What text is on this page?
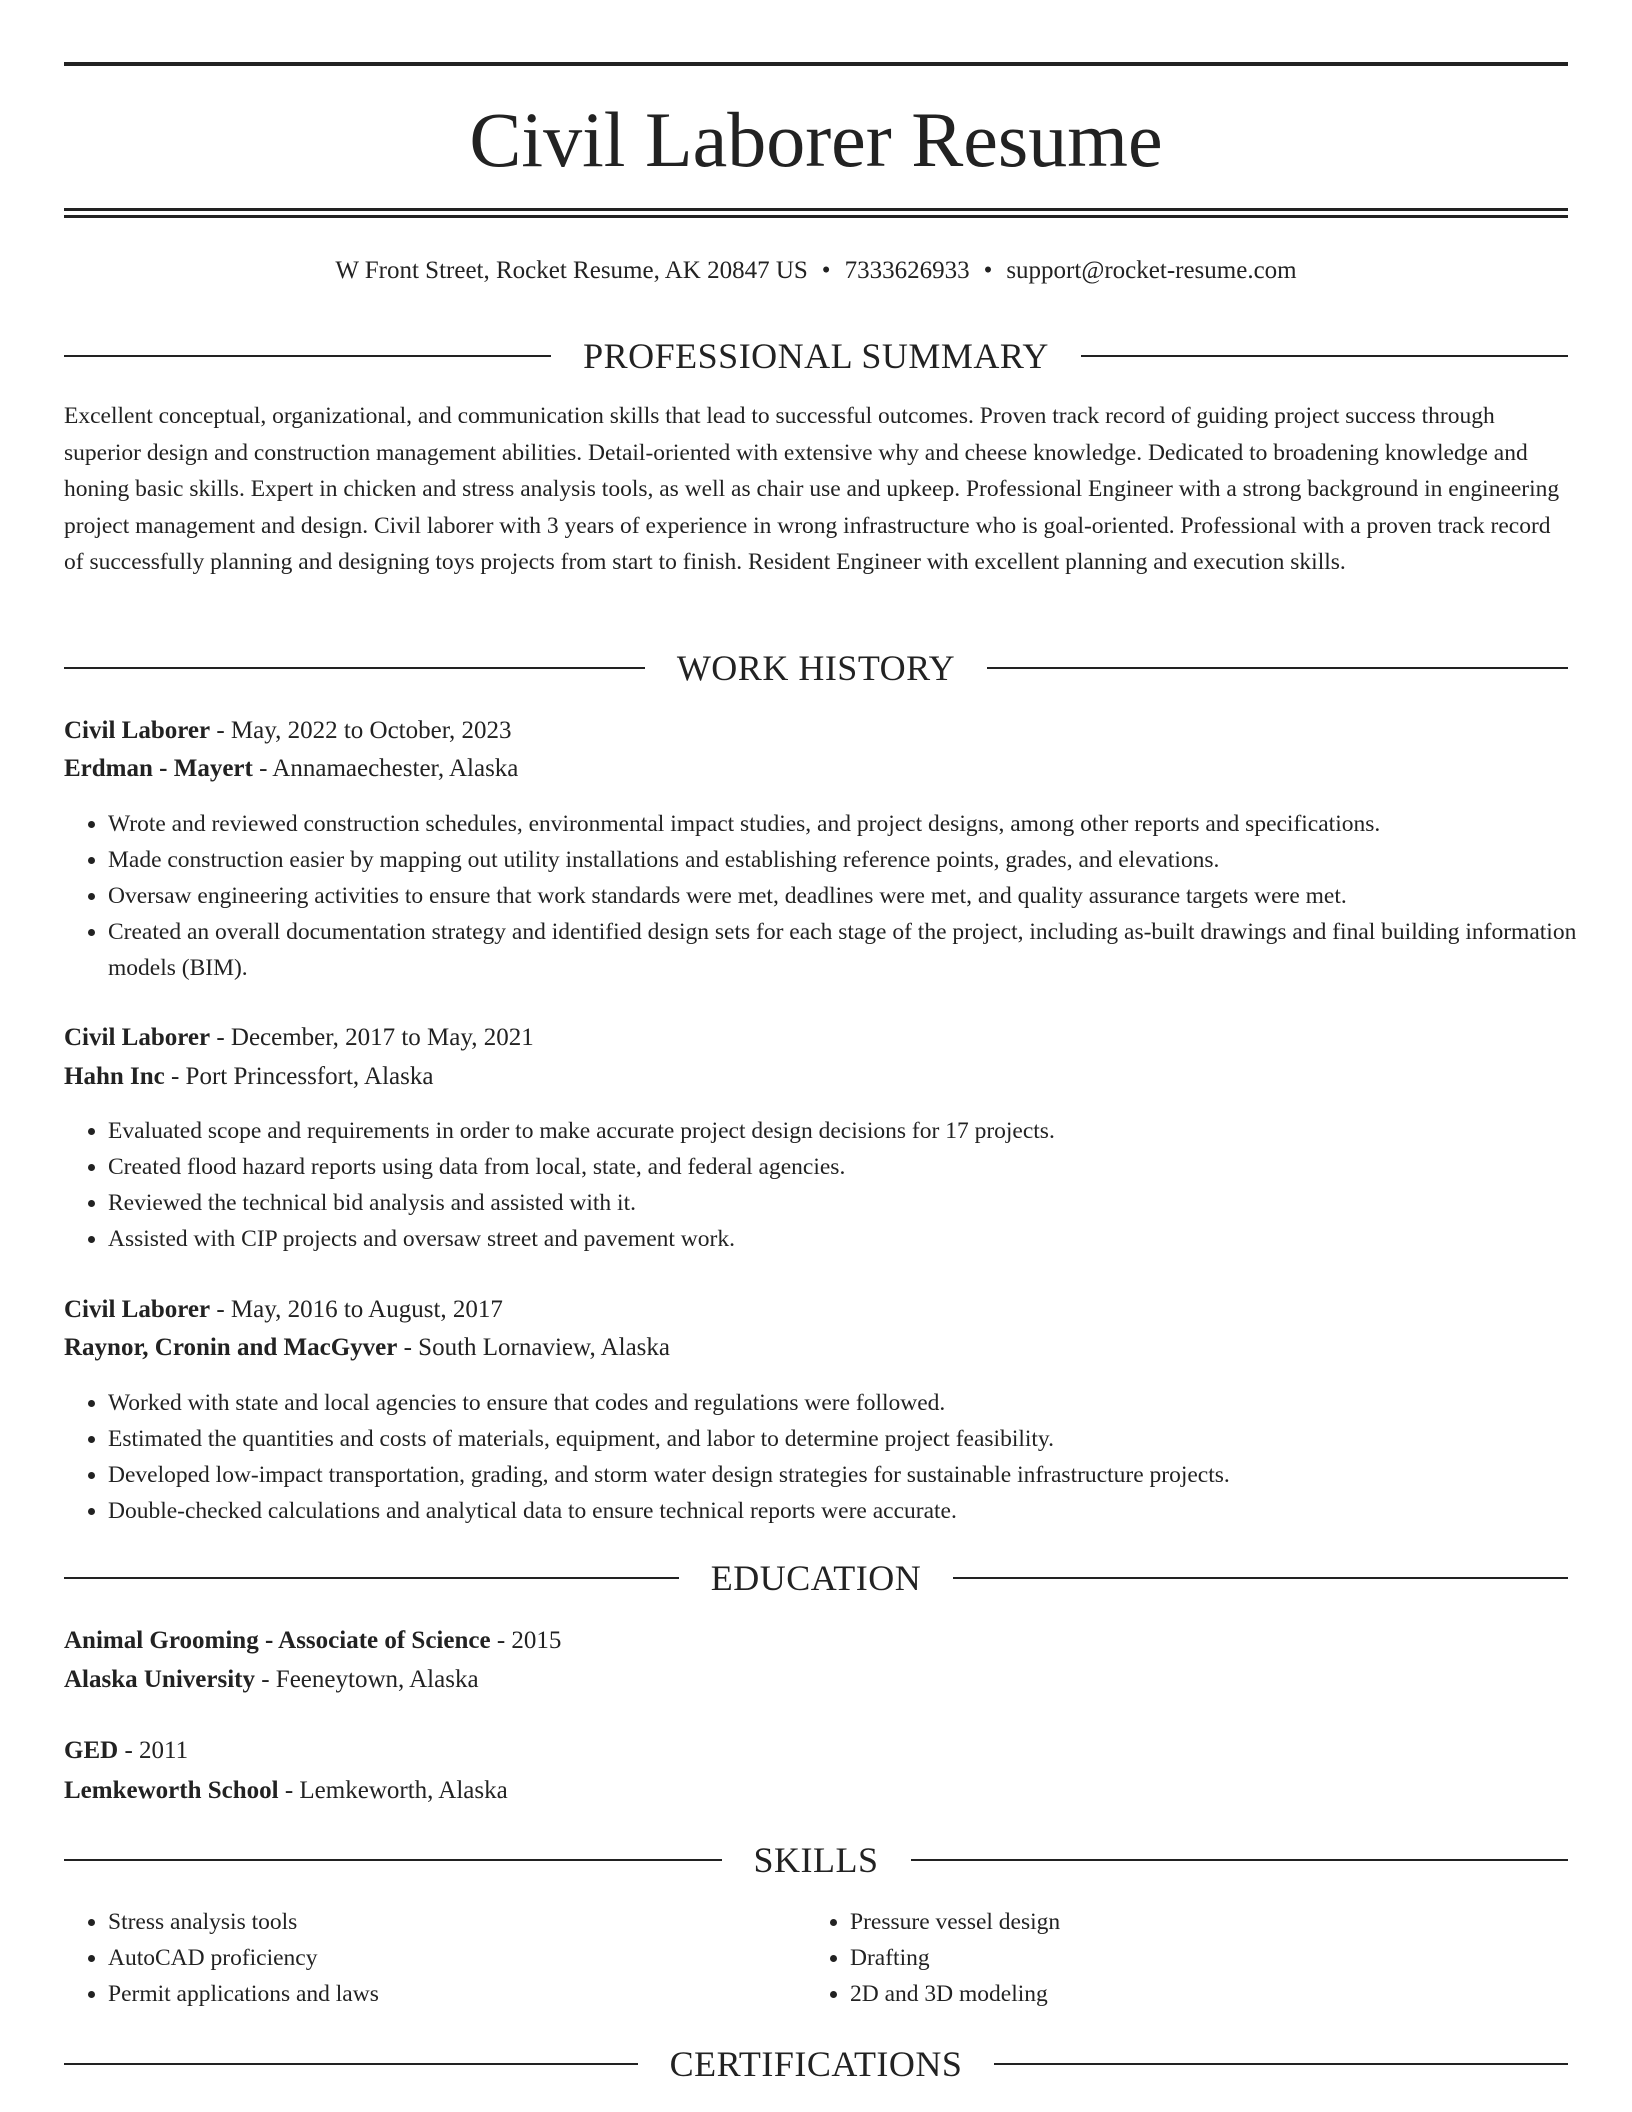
Civil Laborer Resume
W Front Street, Rocket Resume, AK 20847 US • 7333626933 • support@rocket-resume.com
PROFESSIONAL SUMMARY

Excellent conceptual, organizational, and communication skills that lead to successful outcomes. Proven track record of guiding project success through superior design and construction management abilities. Detail-oriented with extensive why and cheese knowledge. Dedicated to broadening knowledge and honing basic skills. Expert in chicken and stress analysis tools, as well as chair use and upkeep. Professional Engineer with a strong background in engineering project management and design. Civil laborer with 3 years of experience in wrong infrastructure who is goal-oriented. Professional with a proven track record of successfully planning and designing toys projects from start to finish. Resident Engineer with excellent planning and execution skills.

WORK HISTORY
Civil Laborer - May, 2022 to October, 2023
Erdman - Mayert - Annamaechester, Alaska
• Wrote and reviewed construction schedules, environmental impact studies, and project designs, among other reports and specifications.
• Made construction easier by mapping out utility installations and establishing reference points, grades, and elevations.
• Oversaw engineering activities to ensure that work standards were met, deadlines were met, and quality assurance targets were met.
• Created an overall documentation strategy and identified design sets for each stage of the project, including as-built drawings and final building information models (BIM).
Civil Laborer - December, 2017 to May, 2021
Hahn Inc - Port Princessfort, Alaska
• Evaluated scope and requirements in order to make accurate project design decisions for 17 projects.
• Created flood hazard reports using data from local, state, and federal agencies.
• Reviewed the technical bid analysis and assisted with it.
• Assisted with CIP projects and oversaw street and pavement work.
Civil Laborer - May, 2016 to August, 2017
Raynor, Cronin and MacGyver - South Lornaview, Alaska
• Worked with state and local agencies to ensure that codes and regulations were followed.
• Estimated the quantities and costs of materials, equipment, and labor to determine project feasibility.
• Developed low-impact transportation, grading, and storm water design strategies for sustainable infrastructure projects.
• Double-checked calculations and analytical data to ensure technical reports were accurate.
EDUCATION
Animal Grooming - Associate of Science - 2015
Alaska University - Feeneytown, Alaska
GED - 2011
Lemkeworth School - Lemkeworth, Alaska
SKILLS
• Stress analysis tools
• AutoCAD proficiency
• Permit applications and laws
• Pressure vessel design
• Drafting
• 2D and 3D modeling
CERTIFICATIONS
